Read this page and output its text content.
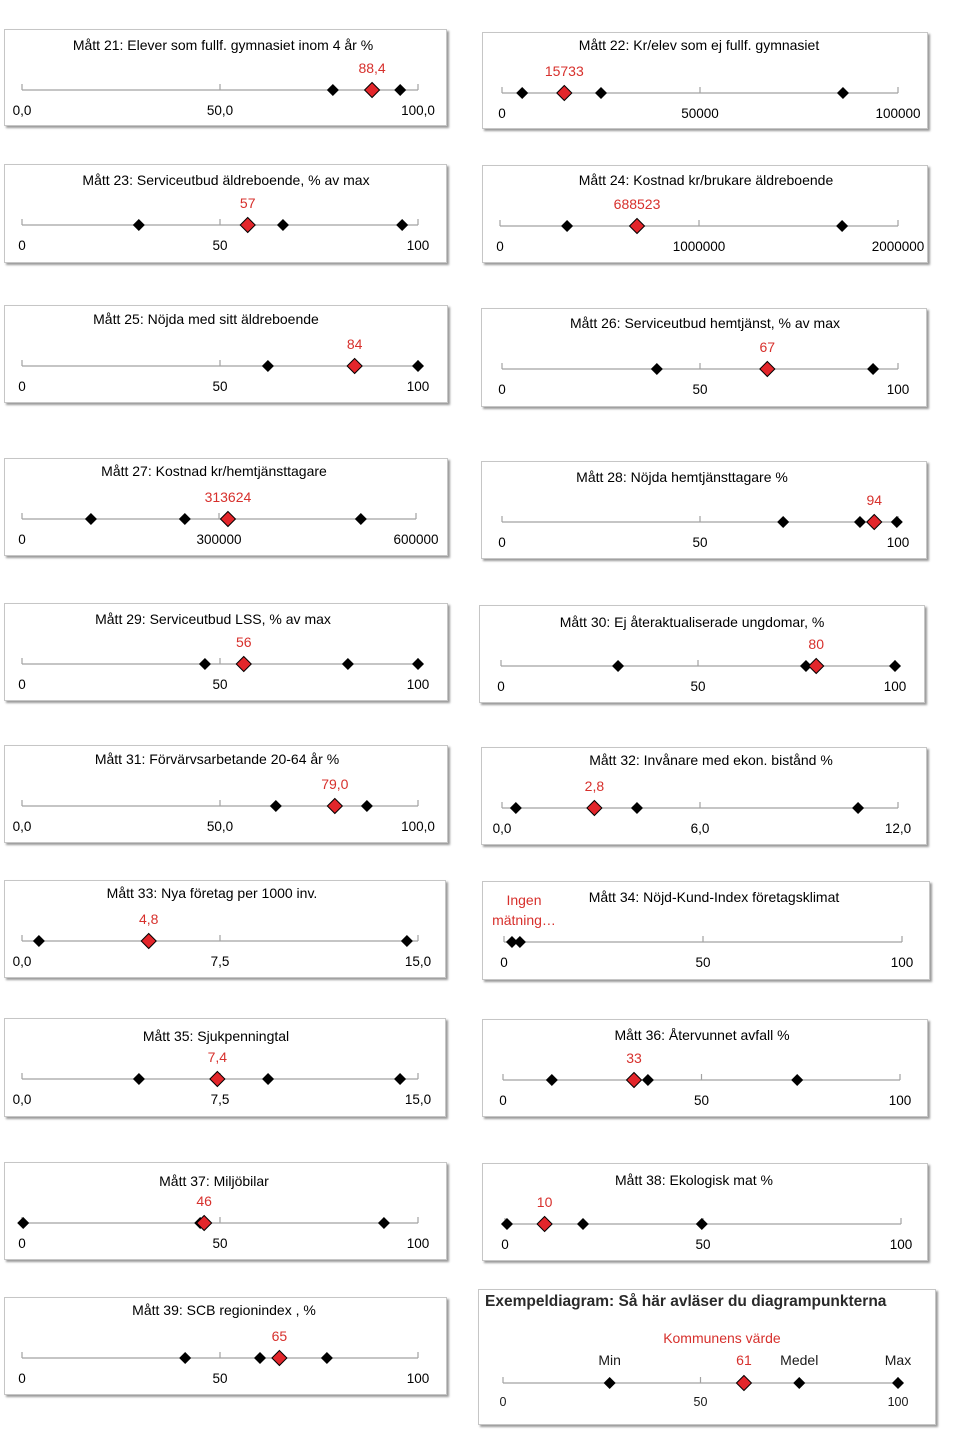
Mått 21: Elever som fullf. gymnasiet inom 4 år %
0,0	50,0	100,0
88,4
Mått 22: Kr/elev som ej fullf. gymnasiet
0	50000	100000
15733
Mått 23: Serviceutbud äldreboende, % av max
0	50	100
57
Mått 24: Kostnad kr/brukare äldreboende
0	1000000	2000000
688523
Mått 25: Nöjda med sitt äldreboende
0	50	100
84
Mått 26: Serviceutbud hemtjänst, % av max
0	50	100
67
Mått 27: Kostnad kr/hemtjänsttagare
0	300000	600000
313624
Mått 28: Nöjda hemtjänsttagare %
0	50	100
94
Mått 29: Serviceutbud LSS, % av max
0	50	100
56
Mått 30: Ej återaktualiserade ungdomar, %
0	50	100
80
Mått 31: Förvärvsarbetande 20-64 år %
0,0	50,0	100,0
79,0
Mått 32: Invånare med ekon. bistånd %
0,0	6,0	12,0
2,8
Mått 33: Nya företag per 1000 inv.
0,0	7,5	15,0
4,8
Mått 34: Nöjd-Kund-Index företagsklimat
0	50	100
Ingen
mätning…
Mått 35: Sjukpenningtal
0,0	7,5	15,0
7,4
Mått 36: Återvunnet avfall %
0	50	100
33
Mått 37: Miljöbilar
0	50	100
46
Mått 38: Ekologisk mat %
0	50	100
10
Mått 39: SCB regionindex , %
0	50	100
65
Exempeldiagram: Så här avläser du diagrampunkterna
0	50	100
Min	Medel	Max
61
Kommunens värde
